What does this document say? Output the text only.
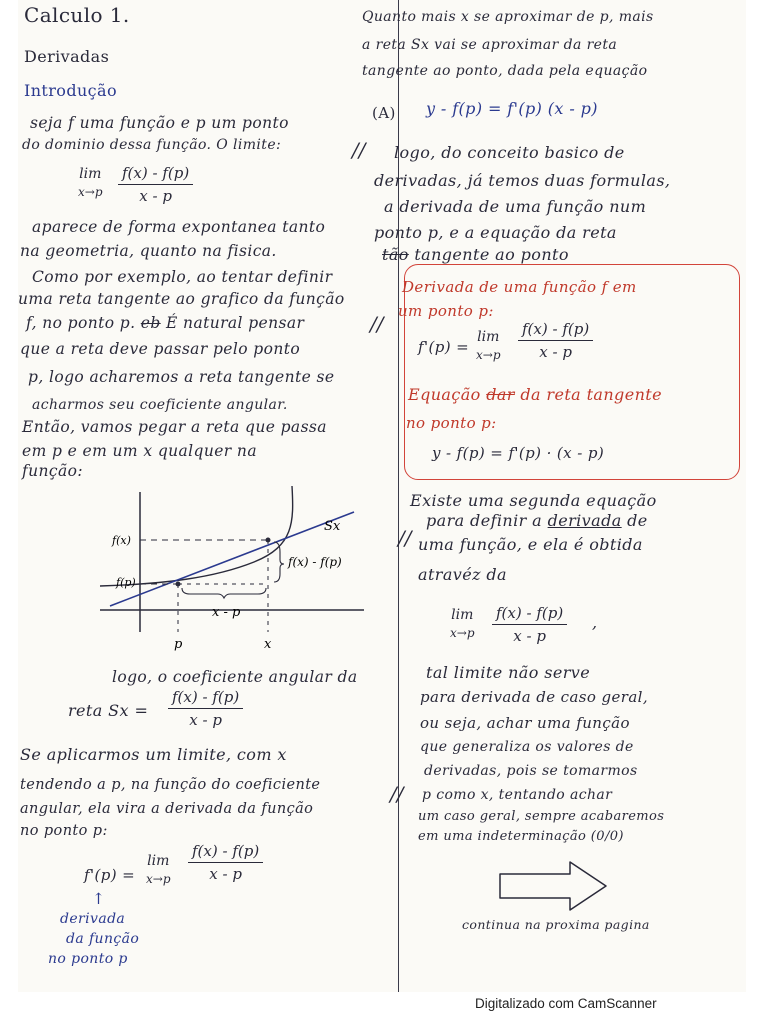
Calculo 1.
Derivadas
Introdução
seja f uma função e p um ponto
do dominio dessa função. O limite:
lim
$x\to p \frac{f(x) - f(p)}{x - p}$
aparece de forma expontanea tanto
na geometria, quanto na fisica.
Como por exemplo, ao tentar definir
uma reta tangente ao grafico da função
f, no ponto p. eb É natural pensar
que a reta deve passar pelo ponto
p, logo acharemos a reta tangente se
acharmos seu coeficiente angular.
Então, vamos pegar a reta que passa
em p e em um x qualquer na
função:
f(x)
f(p)
Sx
f(x) - f(p)
x - p
p	x
logo, o coeficiente angular da
reta $Sx = \frac{f(x) - f(p)}{x - p}$
Se aplicarmos um limite, com x
tendendo a p, na função do coeficiente
angular, ela vira a derivada da função
no ponto p:
f'(p) =
lim
$x\to p \frac{f(x) - f(p)}{x - p}$
↑
derivada
da função
no ponto p
//
//
//
//
Quanto mais x se aproximar de p, mais
a reta Sx vai se aproximar da reta
tangente ao ponto, dada pela equação
(A) y - f(p) = f'(p) (x - p)
logo, do conceito basico de
derivadas, já temos duas formulas,
a derivada de uma função num
ponto p, e a equação da reta
tão tangente ao ponto
Derivada de uma função f em
um ponto p:
f'(p) =
lim
$x\to p \frac{f(x) - f(p)}{x - p}$
Equação dar da reta tangente
no ponto p:
y - f(p) = f'(p) · (x - p)
Existe uma segunda equação
para definir a derivada de
uma função, e ela é obtida
atravéz da
lim
$x\to p \frac{f(x) - f(p)}{x - p}$ ,
tal limite não serve
para derivada de caso geral,
ou seja, achar uma função
que generaliza os valores de
derivadas, pois se tomarmos
p como x, tentando achar
um caso geral, sempre acabaremos
em uma indeterminação (0/0)
continua na proxima pagina
Digitalizado com CamScanner
